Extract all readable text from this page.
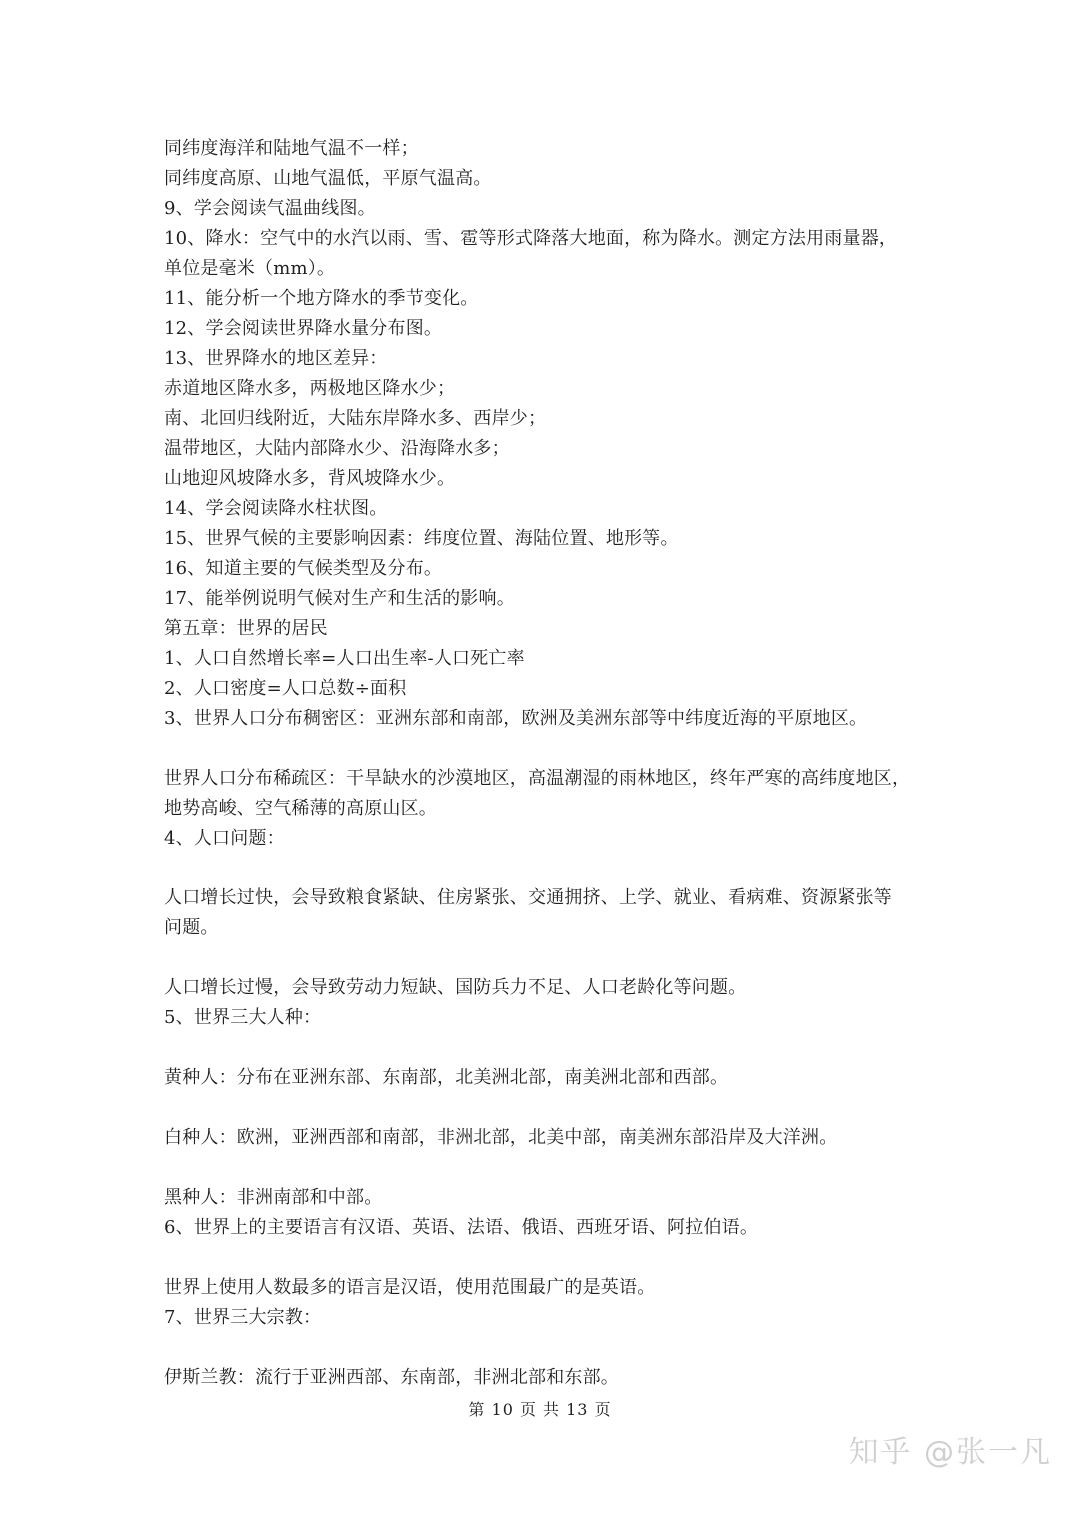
同纬度海洋和陆地气温不一样；

同纬度高原、山地气温低，平原气温高。

9、学会阅读气温曲线图。

10、降水：空气中的水汽以雨、雪、雹等形式降落大地面，称为降水。测定方法用雨量器，

单位是毫米（mm）。

11、能分析一个地方降水的季节变化。

12、学会阅读世界降水量分布图。

13、世界降水的地区差异：

赤道地区降水多，两极地区降水少；

南、北回归线附近，大陆东岸降水多、西岸少；

温带地区，大陆内部降水少、沿海降水多；

山地迎风坡降水多，背风坡降水少。

14、学会阅读降水柱状图。

15、世界气候的主要影响因素：纬度位置、海陆位置、地形等。

16、知道主要的气候类型及分布。

17、能举例说明气候对生产和生活的影响。

第五章：世界的居民

1、人口自然增长率=人口出生率-人口死亡率

2、人口密度=人口总数÷面积

3、世界人口分布稠密区：亚洲东部和南部，欧洲及美洲东部等中纬度近海的平原地区。

世界人口分布稀疏区：干旱缺水的沙漠地区，高温潮湿的雨林地区，终年严寒的高纬度地区，

地势高峻、空气稀薄的高原山区。

4、人口问题：

人口增长过快，会导致粮食紧缺、住房紧张、交通拥挤、上学、就业、看病难、资源紧张等

问题。

人口增长过慢，会导致劳动力短缺、国防兵力不足、人口老龄化等问题。

5、世界三大人种：

黄种人：分布在亚洲东部、东南部，北美洲北部，南美洲北部和西部。

白种人：欧洲，亚洲西部和南部，非洲北部，北美中部，南美洲东部沿岸及大洋洲。

黑种人：非洲南部和中部。

6、世界上的主要语言有汉语、英语、法语、俄语、西班牙语、阿拉伯语。

世界上使用人数最多的语言是汉语，使用范围最广的是英语。

7、世界三大宗教：

伊斯兰教：流行于亚洲西部、东南部，非洲北部和东部。

第 10 页 共 13 页
知乎 @张一凡
